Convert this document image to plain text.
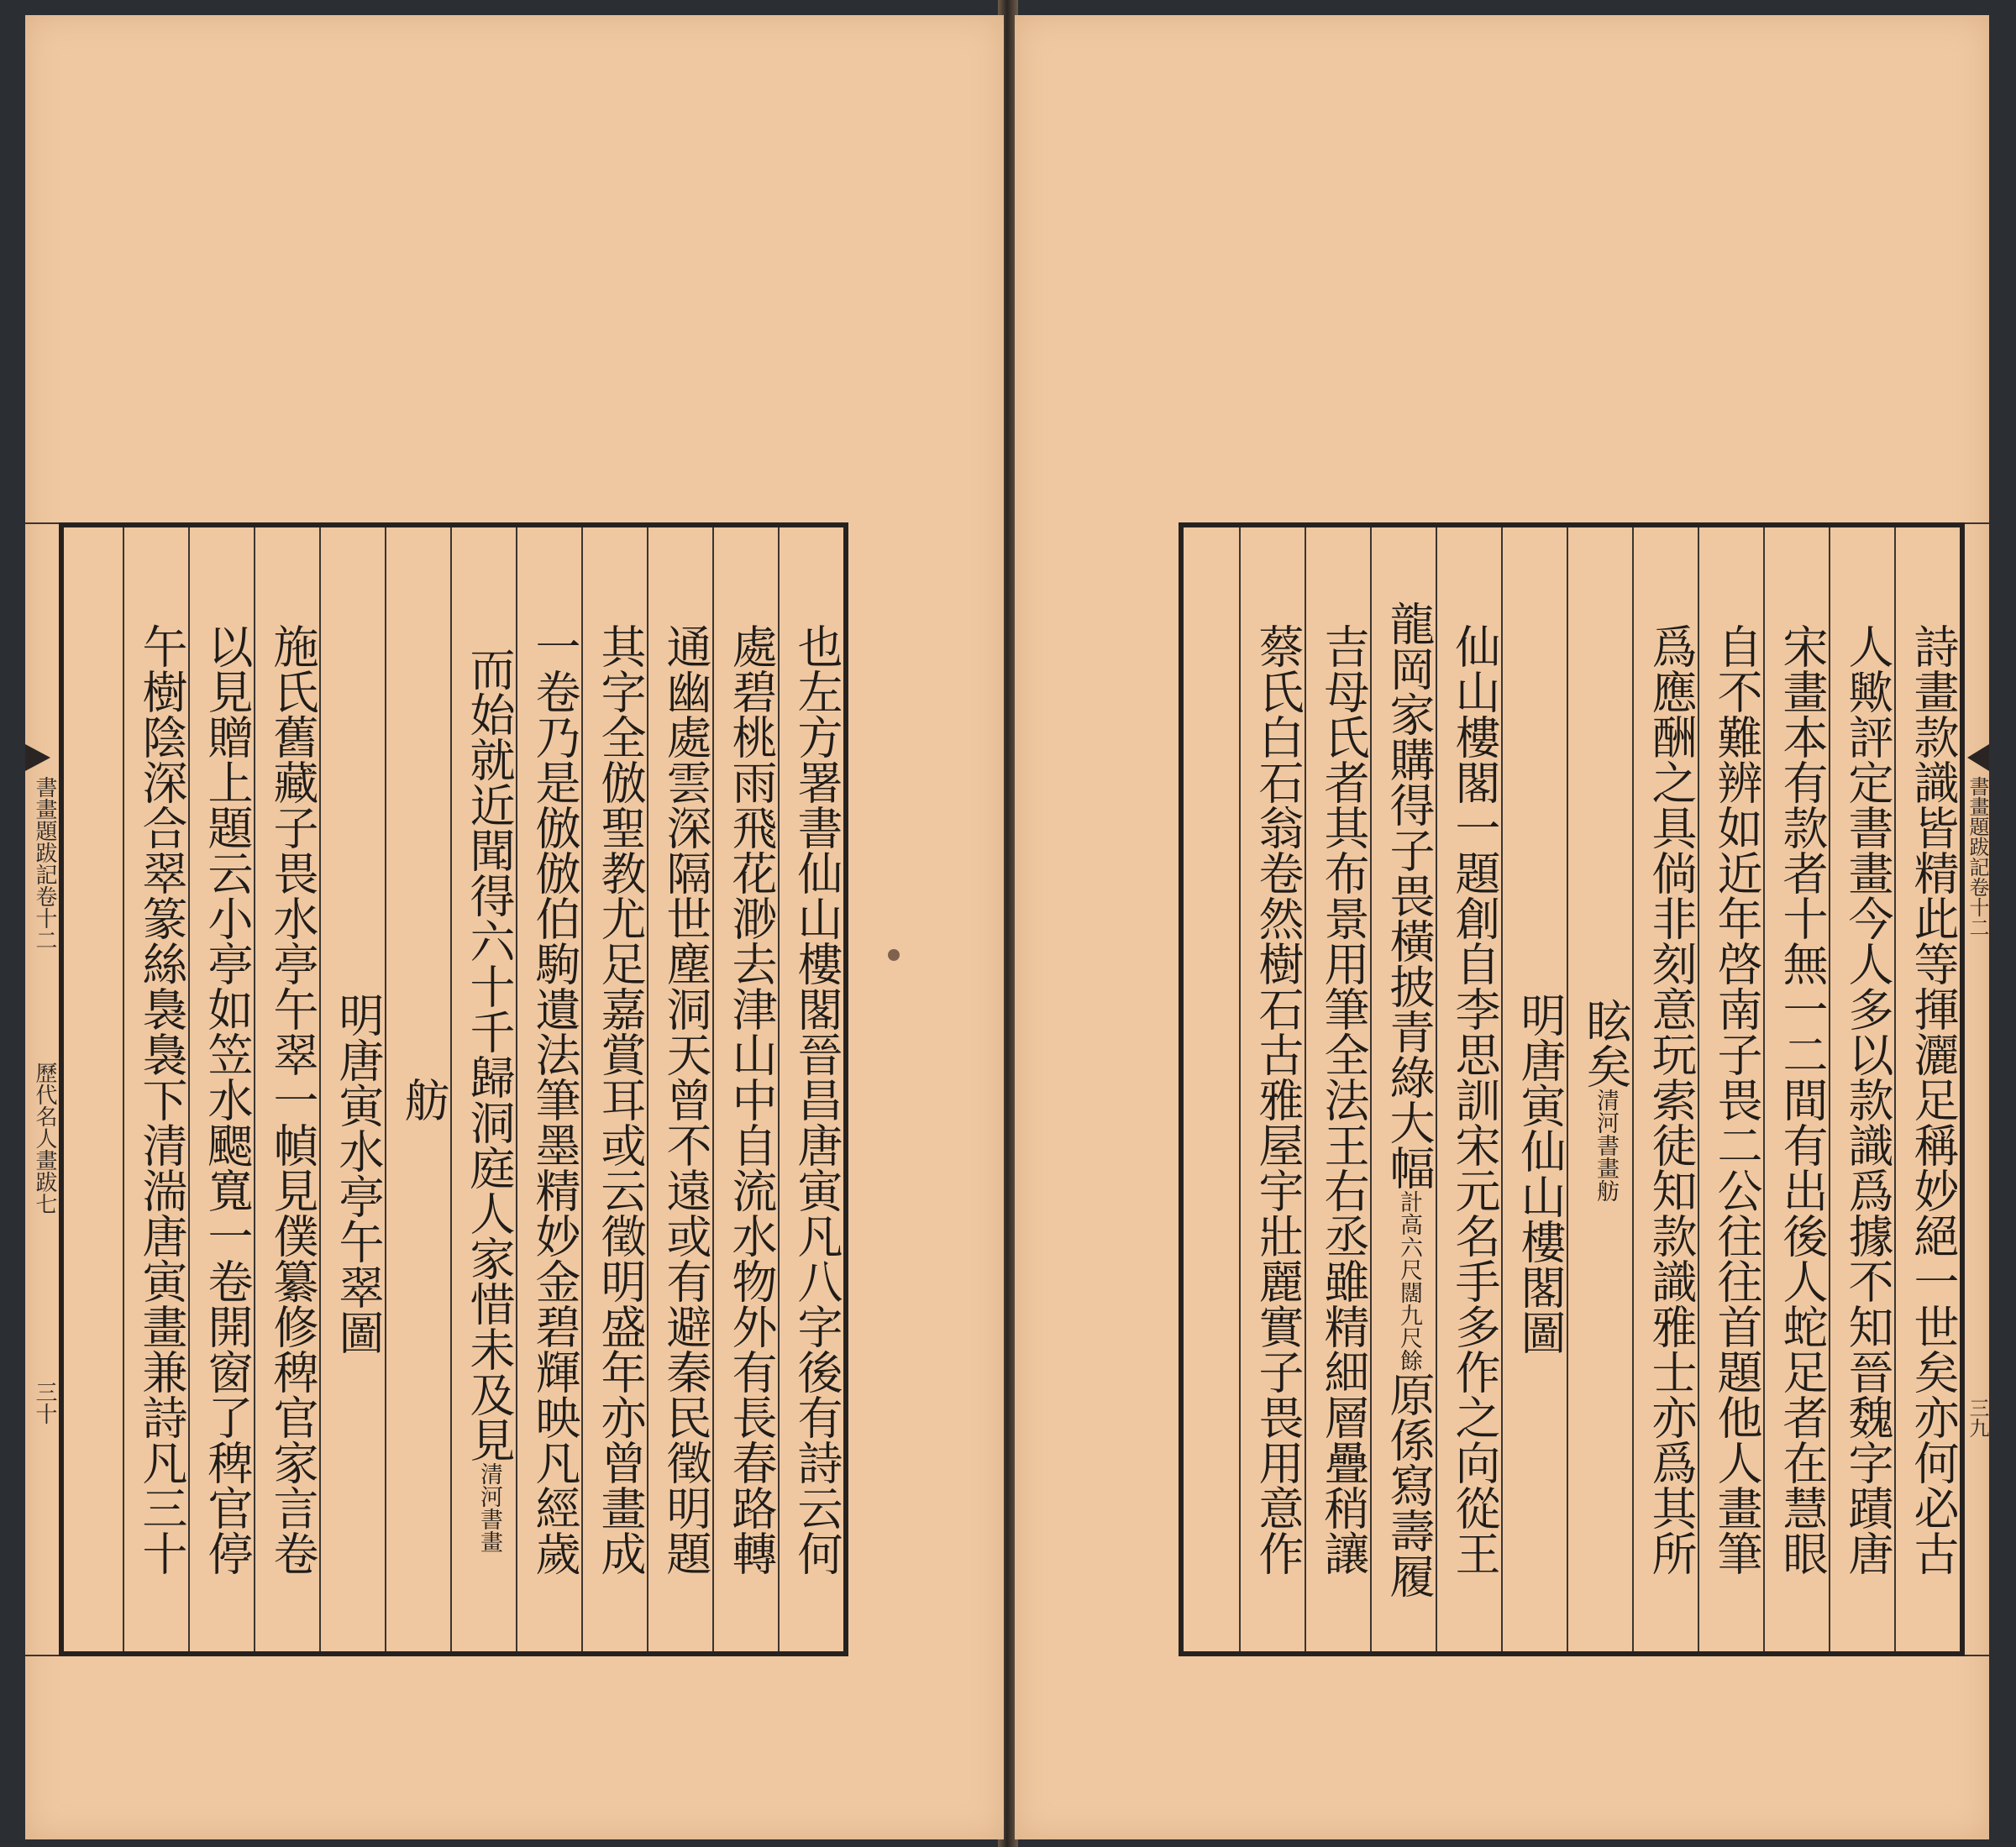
書畫題跋記卷十二
歷代名人畫跋七
三十	也左方署書仙山樓閣晉昌唐寅凡八字後有詩云何
處碧桃雨飛花渺去津山中自流水物外有長春路轉
通幽處雲深隔世塵洞天曾不遠或有避秦民徵明題
其字全倣聖教尤足嘉賞耳或云徵明盛年亦曾畫成
一卷乃是倣倣伯駒遺法筆墨精妙金碧輝映凡經歲
而始就近聞得六十千歸洞庭人家惜未及見清河書畫
舫
明唐寅水亭午翠圖
施氏舊藏子畏水亭午翠一幀見僕纂修稗官家言卷
以見贈上題云小亭如笠水颸寬一卷開窗了稗官停
午樹陰深合翠篆絲裊裊下清湍唐寅畫兼詩凡三十	詩畫款識皆精此等揮灑足稱妙絕一世矣亦何必古
人歟評定書畫今人多以款識爲據不知晉魏字蹟唐
宋畫本有款者十無一二間有出後人蛇足者在慧眼
自不難辨如近年啓南子畏二公往往首題他人畫筆
爲應酬之具倘非刻意玩索徒知款識雅士亦爲其所
眩矣清河書畫舫
明唐寅仙山樓閣圖
仙山樓閣一題創自李思訓宋元名手多作之向從王
龍岡家購得子畏橫披青綠大幅計高六尺闊九尺餘原係寫壽履
吉母氏者其布景用筆全法王右丞雖精細層疊稍讓
蔡氏白石翁卷然樹石古雅屋宇壯麗實子畏用意作	書畫題跋記卷十二
三九
